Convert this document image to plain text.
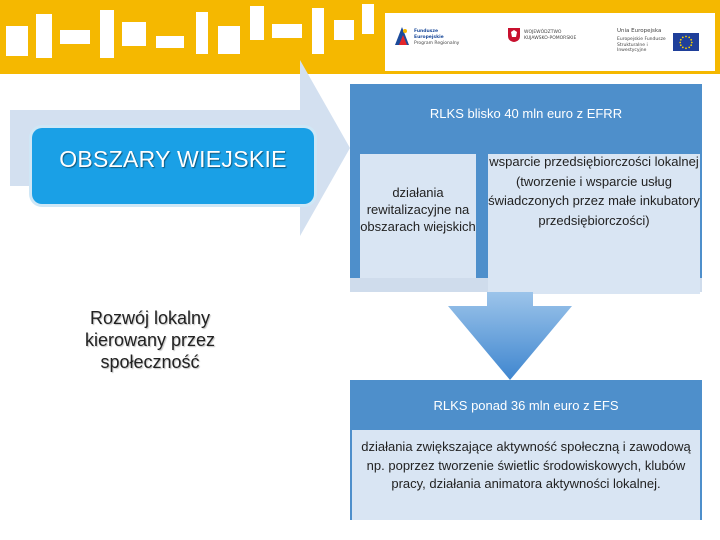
Fundusze Europejskie
Program Regionalny
WOJEWÓDZTWO KUJAWSKO-POMORSKIE
Unia Europejska
Europejskie Fundusze Strukturalne i Inwestycyjne
OBSZARY WIEJSKIE
Rozwój lokalny kierowany przez społeczność
RLKS blisko 40 mln euro z EFRR
działania rewitalizacyjne na obszarach wiejskich
wsparcie przedsiębiorczości lokalnej (tworzenie i wsparcie usług świadczonych przez małe inkubatory przedsiębiorczości)
RLKS ponad 36 mln euro z EFS
działania zwiększające aktywność społeczną i zawodową np. poprzez tworzenie świetlic środowiskowych, klubów pracy, działania animatora aktywności lokalnej.
